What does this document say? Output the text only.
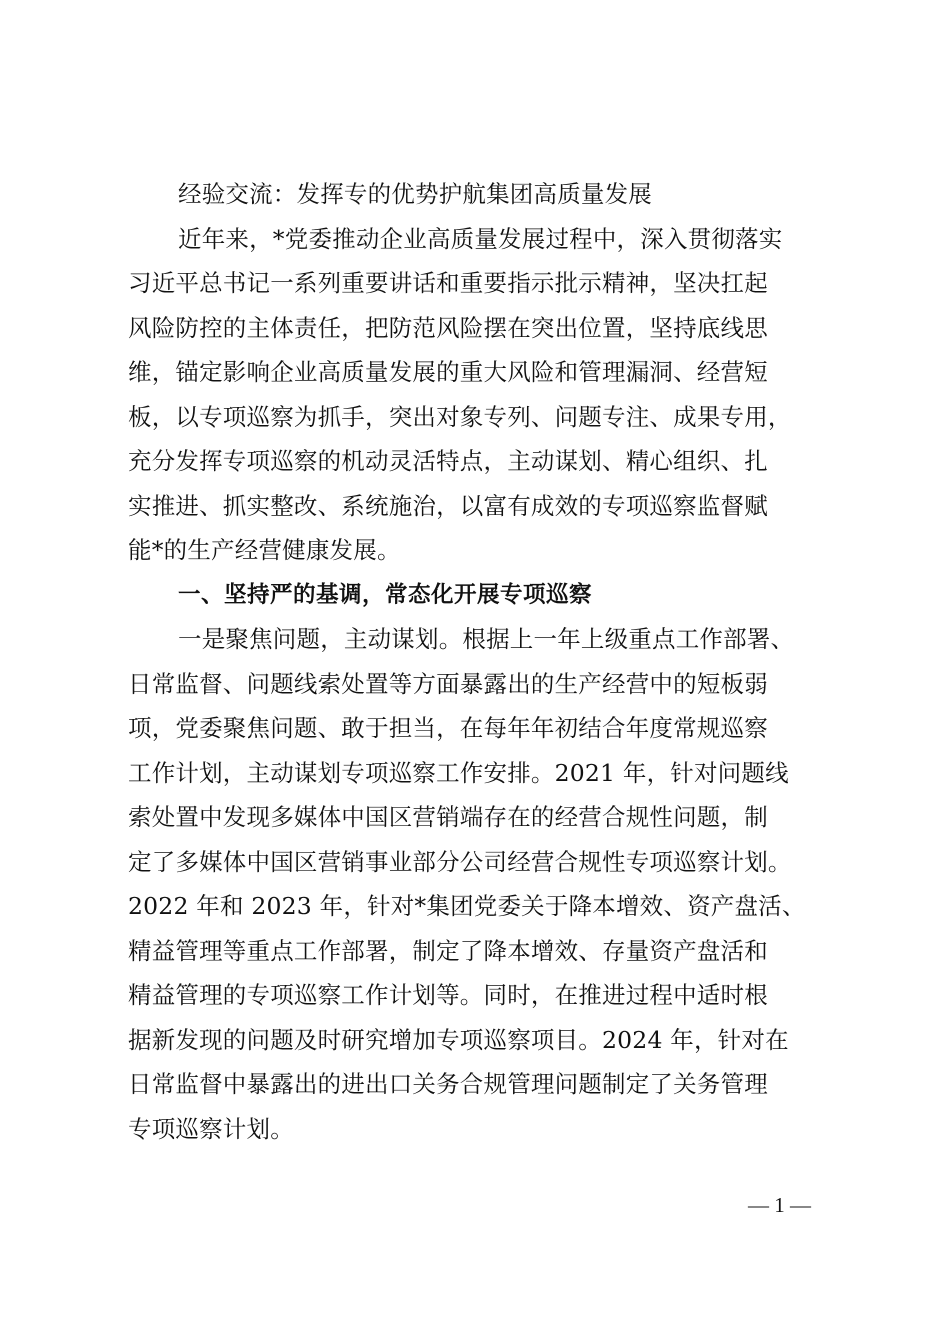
经验交流：发挥专的优势护航集团高质量发展
近年来，*党委推动企业高质量发展过程中，深入贯彻落实
习近平总书记一系列重要讲话和重要指示批示精神，坚决扛起
风险防控的主体责任，把防范风险摆在突出位置，坚持底线思
维，锚定影响企业高质量发展的重大风险和管理漏洞、经营短
板，以专项巡察为抓手，突出对象专列、问题专注、成果专用，
充分发挥专项巡察的机动灵活特点，主动谋划、精心组织、扎
实推进、抓实整改、系统施治，以富有成效的专项巡察监督赋
能*的生产经营健康发展。
一、坚持严的基调，常态化开展专项巡察
一是聚焦问题，主动谋划。根据上一年上级重点工作部署、
日常监督、问题线索处置等方面暴露出的生产经营中的短板弱
项，党委聚焦问题、敢于担当，在每年年初结合年度常规巡察
工作计划，主动谋划专项巡察工作安排。2021 年，针对问题线
索处置中发现多媒体中国区营销端存在的经营合规性问题，制
定了多媒体中国区营销事业部分公司经营合规性专项巡察计划。
2022 年和 2023 年，针对*集团党委关于降本增效、资产盘活、
精益管理等重点工作部署，制定了降本增效、存量资产盘活和
精益管理的专项巡察工作计划等。同时，在推进过程中适时根
据新发现的问题及时研究增加专项巡察项目。2024 年，针对在
日常监督中暴露出的进出口关务合规管理问题制定了关务管理
专项巡察计划。
— 1 —
